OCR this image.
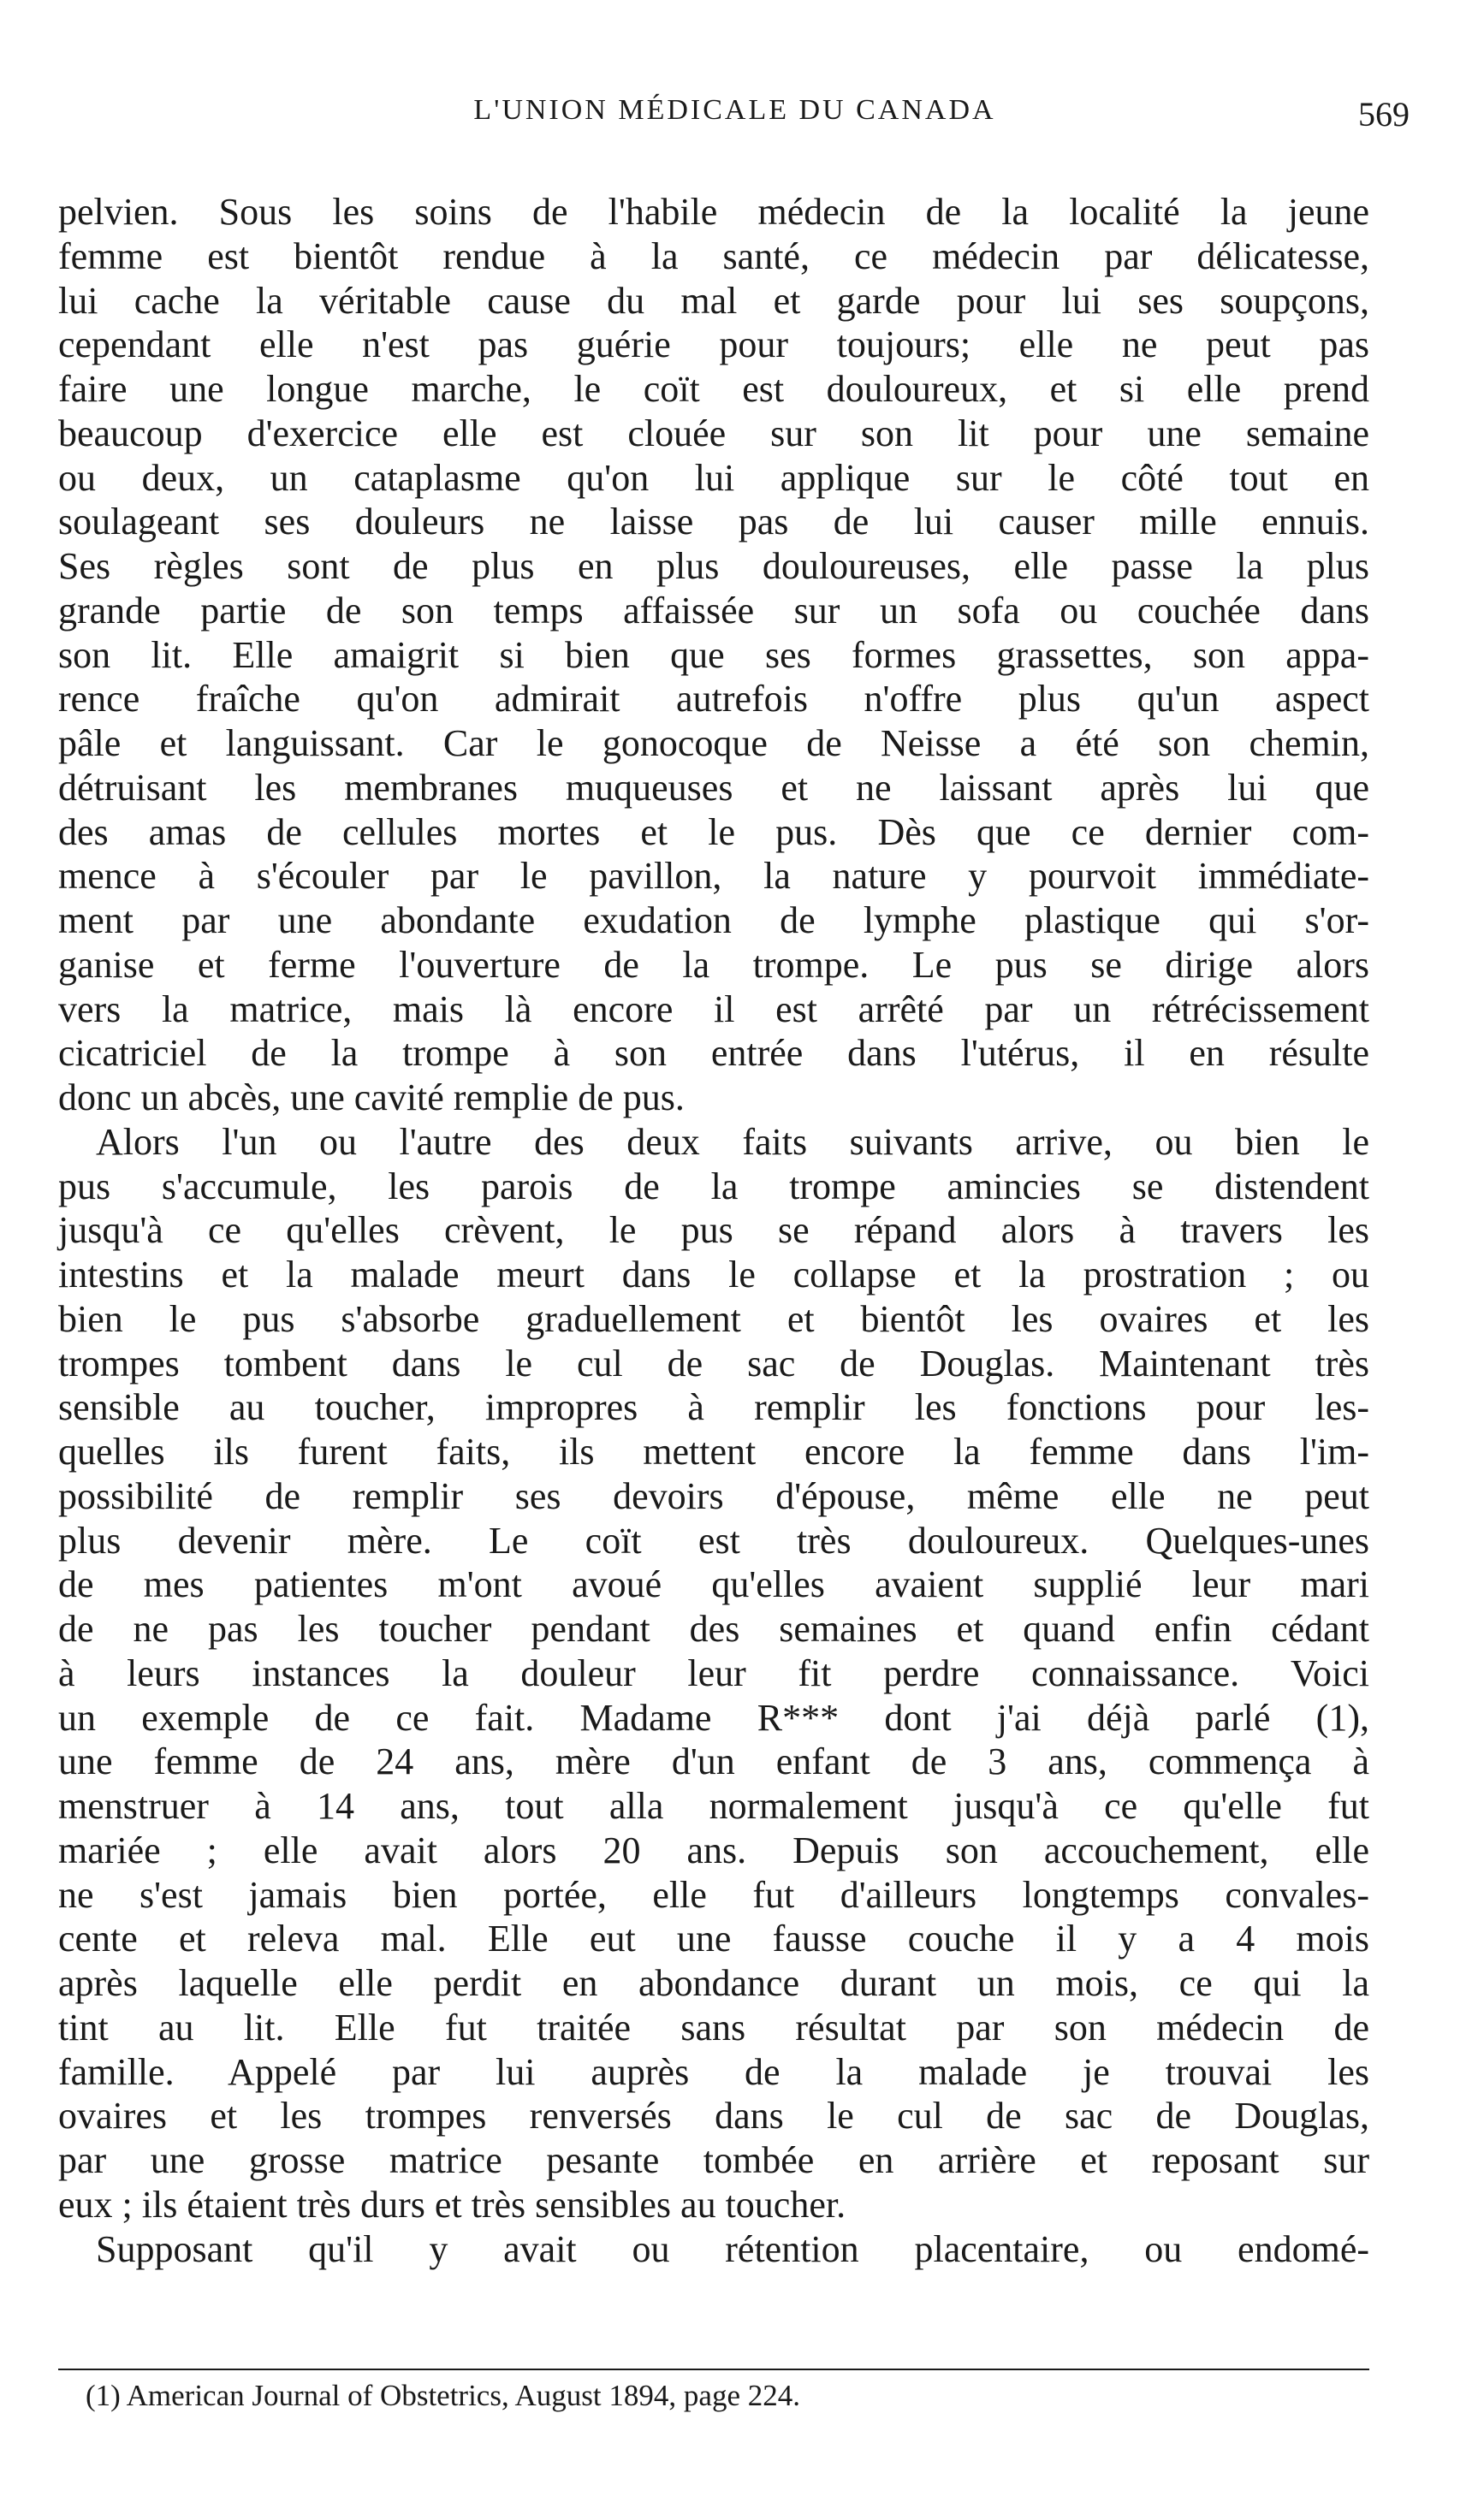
L'UNION MÉDICALE DU CANADA	569
pelvien. Sous les soins de l'habile médecin de la localité la jeune
femme est bientôt rendue à la santé, ce médecin par délicatesse,
lui cache la véritable cause du mal et garde pour lui ses soupçons,
cependant elle n'est pas guérie pour toujours; elle ne peut pas
faire une longue marche, le coït est douloureux, et si elle prend
beaucoup d'exercice elle est clouée sur son lit pour une semaine
ou deux, un cataplasme qu'on lui applique sur le côté tout en
soulageant ses douleurs ne laisse pas de lui causer mille ennuis.
Ses règles sont de plus en plus douloureuses, elle passe la plus
grande partie de son temps affaissée sur un sofa ou couchée dans
son lit. Elle amaigrit si bien que ses formes grassettes, son appa-
rence fraîche qu'on admirait autrefois n'offre plus qu'un aspect
pâle et languissant. Car le gonocoque de Neisse a été son chemin,
détruisant les membranes muqueuses et ne laissant après lui que
des amas de cellules mortes et le pus. Dès que ce dernier com-
mence à s'écouler par le pavillon, la nature y pourvoit immédiate-
ment par une abondante exudation de lymphe plastique qui s'or-
ganise et ferme l'ouverture de la trompe. Le pus se dirige alors
vers la matrice, mais là encore il est arrêté par un rétrécissement
cicatriciel de la trompe à son entrée dans l'utérus, il en résulte
donc un abcès, une cavité remplie de pus.
Alors l'un ou l'autre des deux faits suivants arrive, ou bien le
pus s'accumule, les parois de la trompe amincies se distendent
jusqu'à ce qu'elles crèvent, le pus se répand alors à travers les
intestins et la malade meurt dans le collapse et la prostration ; ou
bien le pus s'absorbe graduellement et bientôt les ovaires et les
trompes tombent dans le cul de sac de Douglas. Maintenant très
sensible au toucher, impropres à remplir les fonctions pour les-
quelles ils furent faits, ils mettent encore la femme dans l'im-
possibilité de remplir ses devoirs d'épouse, même elle ne peut
plus devenir mère. Le coït est très douloureux. Quelques-unes
de mes patientes m'ont avoué qu'elles avaient supplié leur mari
de ne pas les toucher pendant des semaines et quand enfin cédant
à leurs instances la douleur leur fit perdre connaissance. Voici
un exemple de ce fait. Madame R*** dont j'ai déjà parlé (1),
une femme de 24 ans, mère d'un enfant de 3 ans, commença à
menstruer à 14 ans, tout alla normalement jusqu'à ce qu'elle fut
mariée ; elle avait alors 20 ans. Depuis son accouchement, elle
ne s'est jamais bien portée, elle fut d'ailleurs longtemps convales-
cente et releva mal. Elle eut une fausse couche il y a 4 mois
après laquelle elle perdit en abondance durant un mois, ce qui la
tint au lit. Elle fut traitée sans résultat par son médecin de
famille. Appelé par lui auprès de la malade je trouvai les
ovaires et les trompes renversés dans le cul de sac de Douglas,
par une grosse matrice pesante tombée en arrière et reposant sur
eux ; ils étaient très durs et très sensibles au toucher.
Supposant qu'il y avait ou rétention placentaire, ou endomé-
(1) American Journal of Obstetrics, August 1894, page 224.
